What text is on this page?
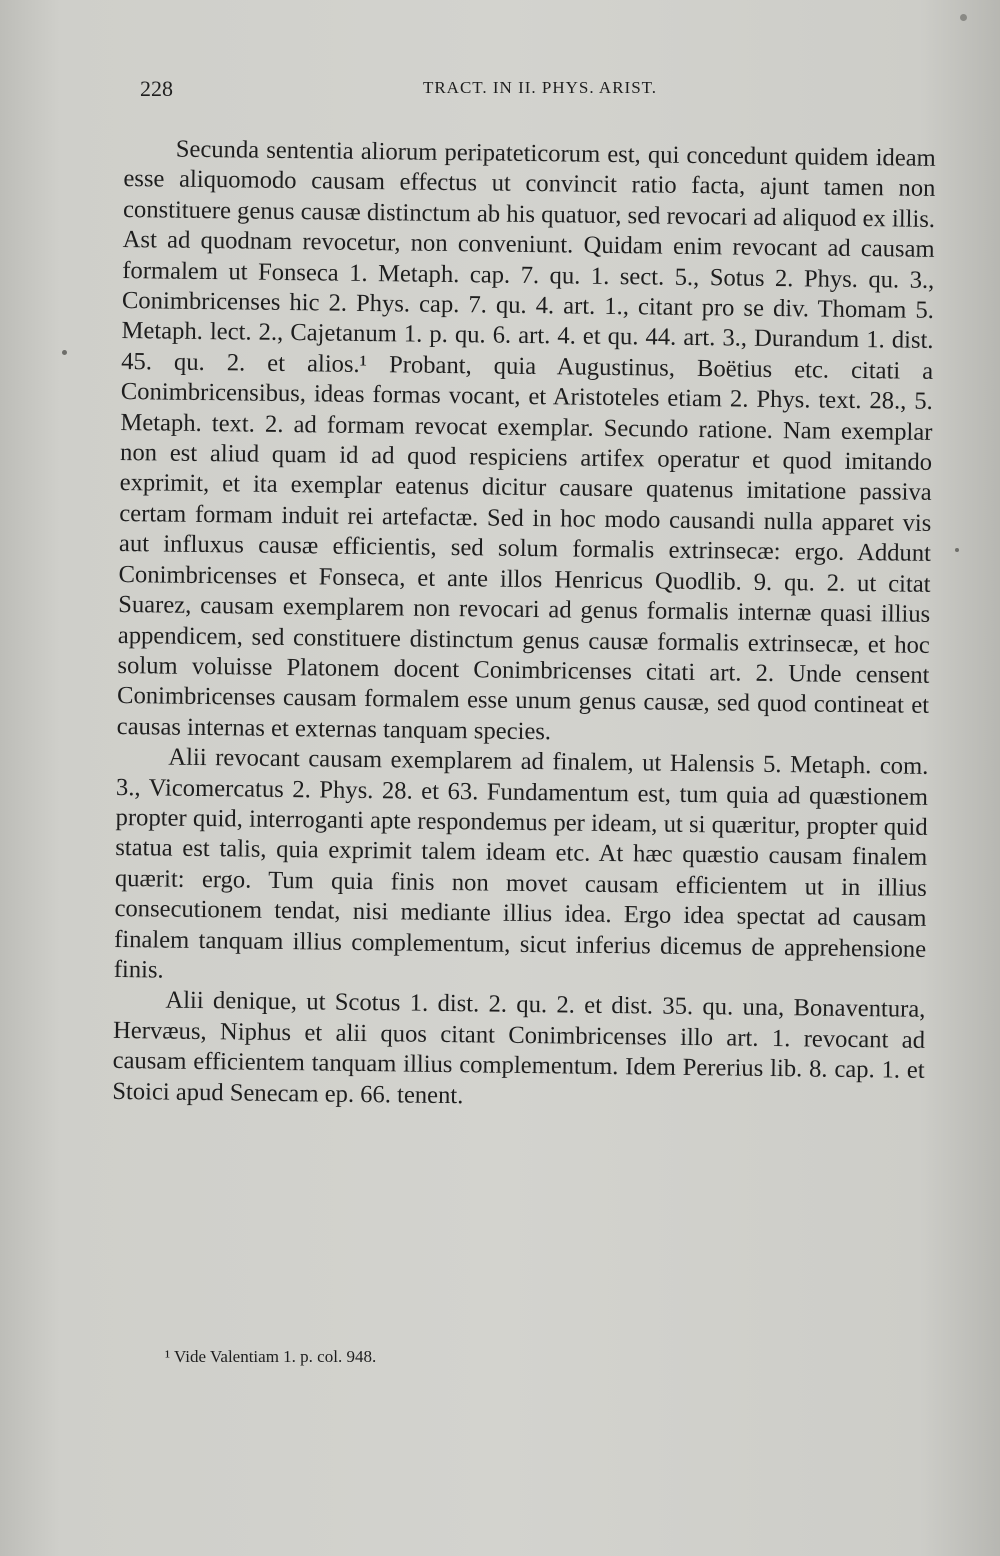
228	TRACT. IN II. PHYS. ARIST.

Secunda sententia aliorum peripateticorum est, qui concedunt quidem ideam esse aliquomodo causam effectus ut convincit ratio facta, ajunt tamen non constituere genus causæ distinctum ab his quatuor, sed revocari ad aliquod ex illis. Ast ad quodnam revocetur, non conveniunt. Quidam enim revocant ad causam formalem ut Fonseca 1. Metaph. cap. 7. qu. 1. sect. 5., Sotus 2. Phys. qu. 3., Conimbricenses hic 2. Phys. cap. 7. qu. 4. art. 1., citant pro se div. Thomam 5. Metaph. lect. 2., Cajetanum 1. p. qu. 6. art. 4. et qu. 44. art. 3., Durandum 1. dist. 45. qu. 2. et alios.¹ Probant, quia Augustinus, Boëtius etc. citati a Conimbricensibus, ideas formas vocant, et Aristoteles etiam 2. Phys. text. 28., 5. Metaph. text. 2. ad formam revocat exemplar. Secundo ratione. Nam exemplar non est aliud quam id ad quod respiciens artifex operatur et quod imitando exprimit, et ita exemplar eatenus dicitur causare quatenus imitatione passiva certam formam induit rei artefactæ. Sed in hoc modo causandi nulla apparet vis aut influxus causæ efficientis, sed solum formalis extrinsecæ: ergo. Addunt Conimbricenses et Fonseca, et ante illos Henricus Quodlib. 9. qu. 2. ut citat Suarez, causam exemplarem non revocari ad genus formalis internæ quasi illius appendicem, sed constituere distinctum genus causæ formalis extrinsecæ, et hoc solum voluisse Platonem docent Conimbricenses citati art. 2. Unde censent Conimbricenses causam formalem esse unum genus causæ, sed quod contineat et causas internas et externas tanquam species.

Alii revocant causam exemplarem ad finalem, ut Halensis 5. Metaph. com. 3., Vicomercatus 2. Phys. 28. et 63. Fundamentum est, tum quia ad quæstionem propter quid, interroganti apte respondemus per ideam, ut si quæritur, propter quid statua est talis, quia exprimit talem ideam etc. At hæc quæstio causam finalem quærit: ergo. Tum quia finis non movet causam efficientem ut in illius consecutionem tendat, nisi mediante illius idea. Ergo idea spectat ad causam finalem tanquam illius complementum, sicut inferius dicemus de apprehensione finis.

Alii denique, ut Scotus 1. dist. 2. qu. 2. et dist. 35. qu. una, Bonaventura, Hervæus, Niphus et alii quos citant Conimbricenses illo art. 1. revocant ad causam efficientem tanquam illius complementum. Idem Pererius lib. 8. cap. 1. et Stoici apud Senecam ep. 66. tenent.

¹ Vide Valentiam 1. p. col. 948.
